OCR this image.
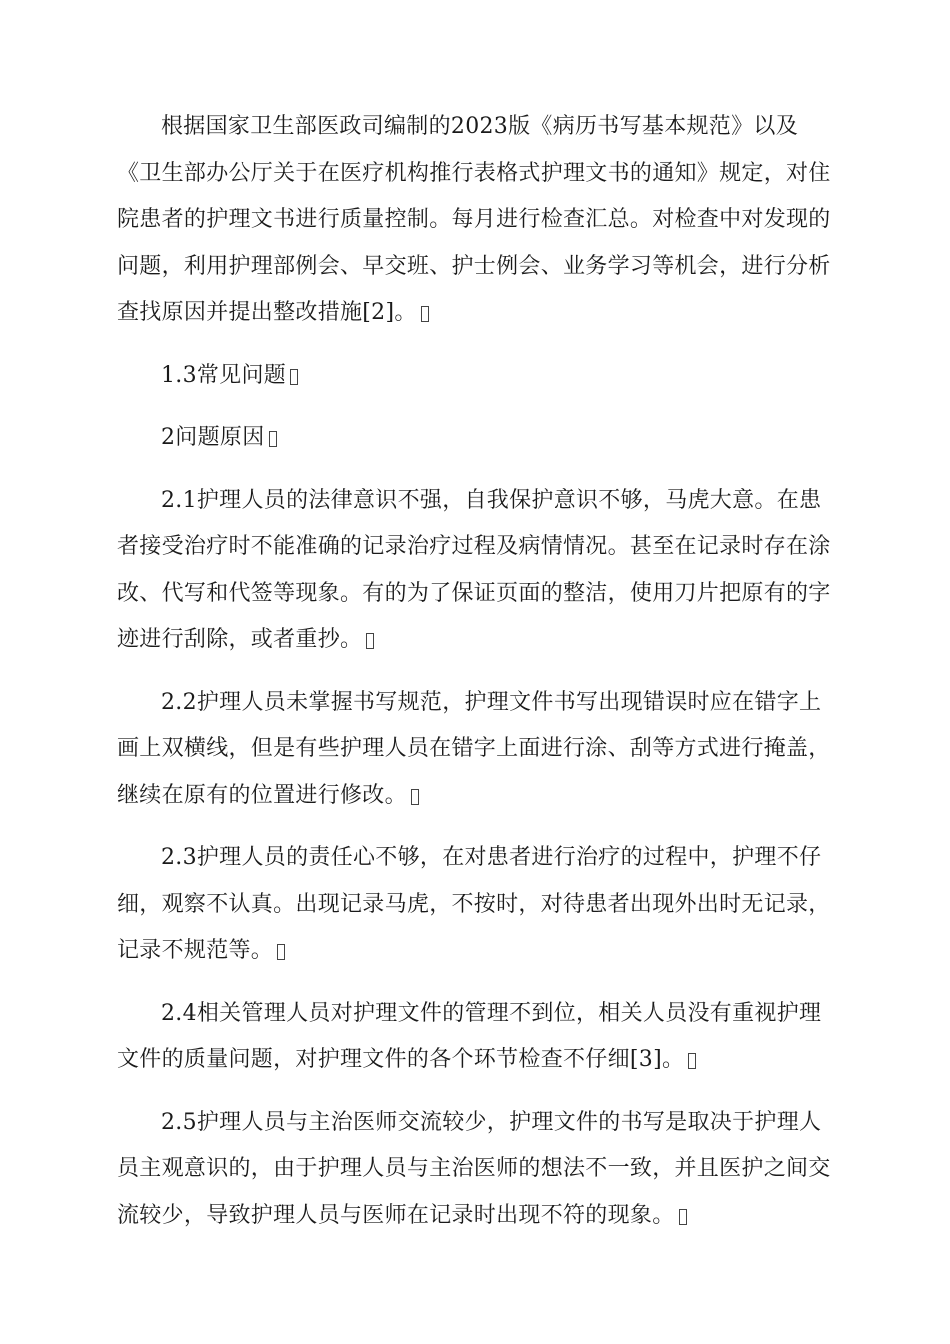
根据国家卫生部医政司编制的2023版《病历书写基本规范》以及《卫生部办公厅关于在医疗机构推行表格式护理文书的通知》规定，对住院患者的护理文书进行质量控制。每月进行检查汇总。对检查中对发现的问题，利用护理部例会、早交班、护士例会、业务学习等机会，进行分析查找原因并提出整改措施[2]。

1.3常见问题

2问题原因

2.1护理人员的法律意识不强，自我保护意识不够，马虎大意。在患者接受治疗时不能准确的记录治疗过程及病情情况。甚至在记录时存在涂改、代写和代签等现象。有的为了保证页面的整洁，使用刀片把原有的字迹进行刮除，或者重抄。

2.2护理人员未掌握书写规范，护理文件书写出现错误时应在错字上画上双横线，但是有些护理人员在错字上面进行涂、刮等方式进行掩盖，继续在原有的位置进行修改。

2.3护理人员的责任心不够，在对患者进行治疗的过程中，护理不仔细，观察不认真。出现记录马虎，不按时，对待患者出现外出时无记录，记录不规范等。

2.4相关管理人员对护理文件的管理不到位，相关人员没有重视护理文件的质量问题，对护理文件的各个环节检查不仔细[3]。

2.5护理人员与主治医师交流较少，护理文件的书写是取决于护理人员主观意识的，由于护理人员与主治医师的想法不一致，并且医护之间交流较少，导致护理人员与医师在记录时出现不符的现象。
